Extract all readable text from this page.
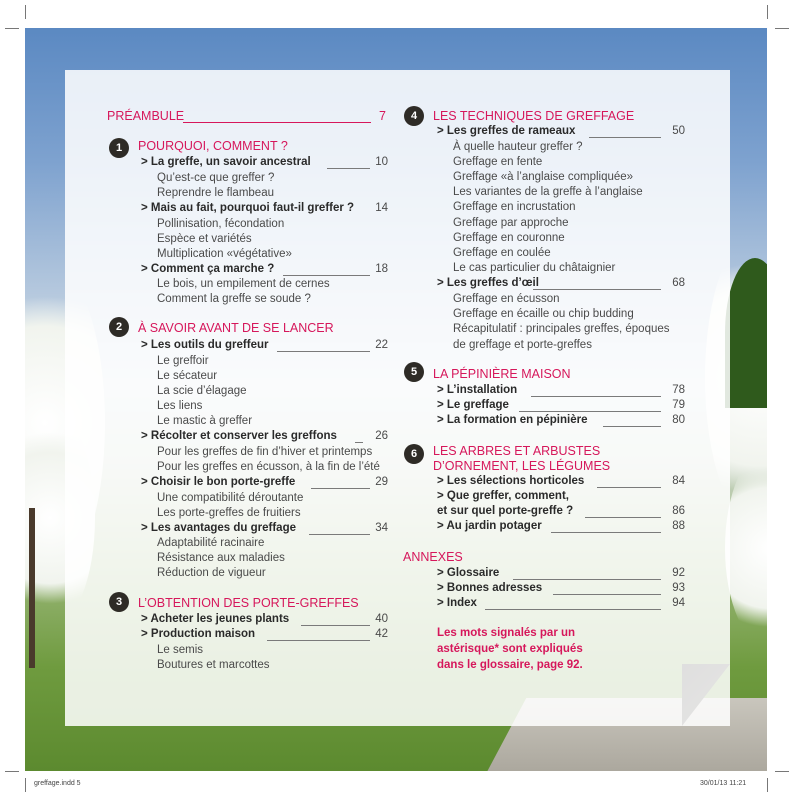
PRÉAMBULE	7
1	POURQUOI, COMMENT ?
> La greffe, un savoir ancestral	10
Qu’est-ce que greffer ?
Reprendre le flambeau
> Mais au fait, pourquoi faut-il greffer ?	14
Pollinisation, fécondation
Espèce et variétés
Multiplication «végétative»
> Comment ça marche ?	18
Le bois, un empilement de cernes
Comment la greffe se soude ?
2	À SAVOIR AVANT DE SE LANCER
> Les outils du greffeur	22
Le greffoir
Le sécateur
La scie d’élagage
Les liens
Le mastic à greffer
> Récolter et conserver les greffons	26
Pour les greffes de fin d’hiver et printemps
Pour les greffes en écusson, à la fin de l’été
> Choisir le bon porte-greffe	29
Une compatibilité déroutante
Les porte-greffes de fruitiers
> Les avantages du greffage	34
Adaptabilité racinaire
Résistance aux maladies
Réduction de vigueur
3	L’OBTENTION DES PORTE-GREFFES
> Acheter les jeunes plants	40
> Production maison	42
Le semis
Boutures et marcottes
4	LES TECHNIQUES DE GREFFAGE
> Les greffes de rameaux	50
À quelle hauteur greffer ?
Greffage en fente
Greffage «à l’anglaise compliquée»
Les variantes de la greffe à l’anglaise
Greffage en incrustation
Greffage par approche
Greffage en couronne
Greffage en coulée
Le cas particulier du châtaignier
> Les greffes d’œil	68
Greffage en écusson
Greffage en écaille ou chip budding
Récapitulatif : principales greffes, époques
de greffage et porte-greffes
5	LA PÉPINIÈRE MAISON
> L’installation	78
> Le greffage	79
> La formation en pépinière	80
6	LES ARBRES ET ARBUSTES
D’ORNEMENT, LES LÉGUMES
> Les sélections horticoles	84
> Que greffer, comment,
et sur quel porte-greffe ?	86
> Au jardin potager	88
ANNEXES
> Glossaire	92
> Bonnes adresses	93
> Index	94
Les mots signalés par un
astérisque* sont expliqués
dans le glossaire, page 92.
greffage.indd 5	30/01/13 11:21
